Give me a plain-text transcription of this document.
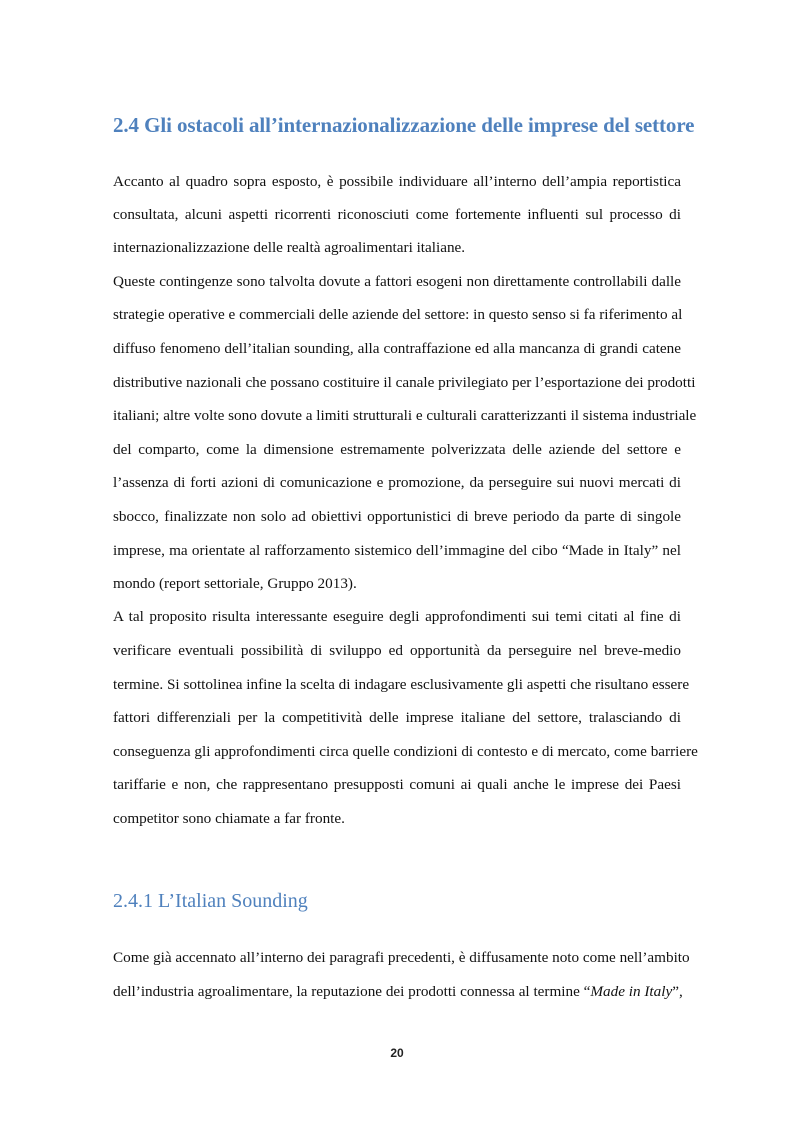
2.4 Gli ostacoli all’internazionalizzazione delle imprese del settore

Accanto al quadro sopra esposto, è possibile individuare all’interno dell’ampia reportistica

consultata, alcuni aspetti ricorrenti riconosciuti come fortemente influenti sul processo di

internazionalizzazione delle realtà agroalimentari italiane.

Queste contingenze sono talvolta dovute a fattori esogeni non direttamente controllabili dalle

strategie operative e commerciali delle aziende del settore: in questo senso si fa riferimento al

diffuso fenomeno dell’italian sounding, alla contraffazione ed alla mancanza di grandi catene

distributive nazionali che possano costituire il canale privilegiato per l’esportazione dei prodotti

italiani; altre volte sono dovute a limiti strutturali e culturali caratterizzanti il sistema industriale

del comparto, come la dimensione estremamente polverizzata delle aziende del settore e

l’assenza di forti azioni di comunicazione e promozione, da perseguire sui nuovi mercati di

sbocco, finalizzate non solo ad obiettivi opportunistici di breve periodo da parte di singole

imprese, ma orientate al rafforzamento sistemico dell’immagine del cibo “Made in Italy” nel

mondo (report settoriale, Gruppo 2013).

A tal proposito risulta interessante eseguire degli approfondimenti sui temi citati al fine di

verificare eventuali possibilità di sviluppo ed opportunità da perseguire nel breve-medio

termine. Si sottolinea infine la scelta di indagare esclusivamente gli aspetti che risultano essere

fattori differenziali per la competitività delle imprese italiane del settore, tralasciando di

conseguenza gli approfondimenti circa quelle condizioni di contesto e di mercato, come barriere

tariffarie e non, che rappresentano presupposti comuni ai quali anche le imprese dei Paesi

competitor sono chiamate a far fronte.

2.4.1 L’Italian Sounding

Come già accennato all’interno dei paragrafi precedenti, è diffusamente noto come nell’ambito

dell’industria agroalimentare, la reputazione dei prodotti connessa al termine “Made in Italy”,

20
